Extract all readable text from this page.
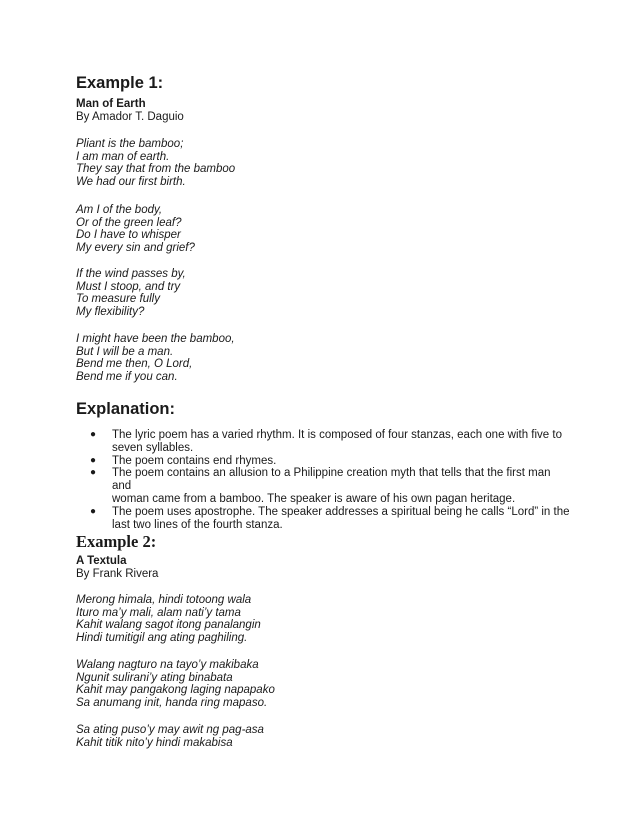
Example 1:
Man of Earth
By Amador T. Daguio
Pliant is the bamboo;
I am man of earth.
They say that from the bamboo
We had our first birth.
Am I of the body,
Or of the green leaf?
Do I have to whisper
My every sin and grief?
If the wind passes by,
Must I stoop, and try
To measure fully
My flexibility?
I might have been the bamboo,
But I will be a man.
Bend me then, O Lord,
Bend me if you can.
Explanation:
● The lyric poem has a varied rhythm. It is composed of four stanzas, each one with five to
seven syllables.
● The poem contains end rhymes.
● The poem contains an allusion to a Philippine creation myth that tells that the first man and
woman came from a bamboo. The speaker is aware of his own pagan heritage.
● The poem uses apostrophe. The speaker addresses a spiritual being he calls “Lord” in the
last two lines of the fourth stanza.
Example 2:
A Textula
By Frank Rivera
Merong himala, hindi totoong wala
Ituro ma’y mali, alam nati’y tama
Kahit walang sagot itong panalangin
Hindi tumitigil ang ating paghiling.
Walang nagturo na tayo’y makibaka
Ngunit sulirani’y ating binabata
Kahit may pangakong laging napapako
Sa anumang init, handa ring mapaso.
Sa ating puso’y may awit ng pag-asa
Kahit titik nito’y hindi makabisa
